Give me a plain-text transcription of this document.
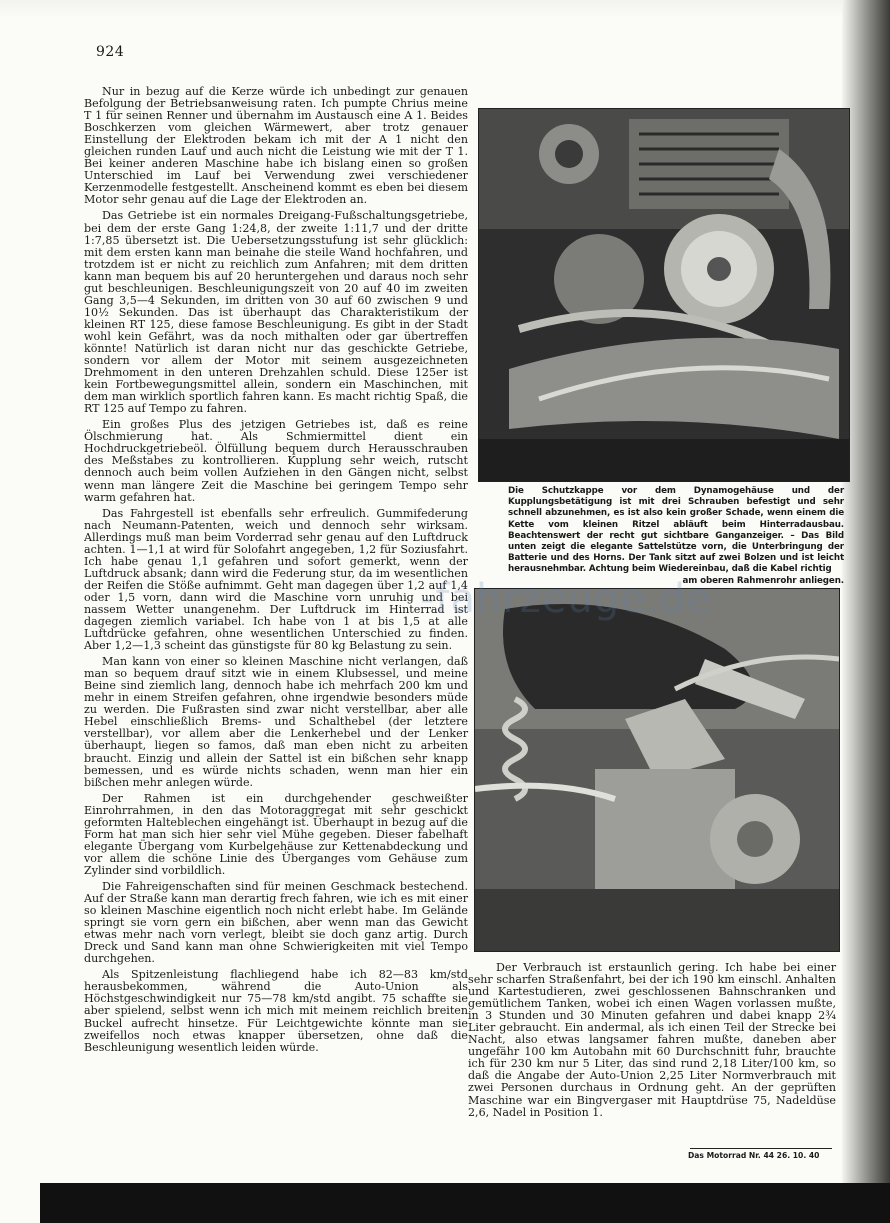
924

Nur in bezug auf die Kerze würde ich unbedingt zur genauen Befolgung der Betriebsanweisung raten. Ich pumpte Chrius meine T 1 für seinen Renner und übernahm im Austausch eine A 1. Beides Boschkerzen vom gleichen Wärmewert, aber trotz genauer Einstellung der Elektroden bekam ich mit der A 1 nicht den gleichen runden Lauf und auch nicht die Leistung wie mit der T 1. Bei keiner anderen Maschine habe ich bislang einen so großen Unterschied im Lauf bei Verwendung zwei verschiedener Kerzenmodelle festgestellt. Anscheinend kommt es eben bei diesem Motor sehr genau auf die Lage der Elektroden an.

Das Getriebe ist ein normales Dreigang-Fußschaltungsgetriebe, bei dem der erste Gang 1:24,8, der zweite 1:11,7 und der dritte 1:7,85 übersetzt ist. Die Uebersetzungsstufung ist sehr glücklich: mit dem ersten kann man beinahe die steile Wand hochfahren, und trotzdem ist er nicht zu reichlich zum Anfahren; mit dem dritten kann man bequem bis auf 20 heruntergehen und daraus noch sehr gut beschleunigen. Beschleunigungszeit von 20 auf 40 im zweiten Gang 3,5—4 Sekunden, im dritten von 30 auf 60 zwischen 9 und 10½ Sekunden. Das ist überhaupt das Charakteristikum der kleinen RT 125, diese famose Beschleunigung. Es gibt in der Stadt wohl kein Gefährt, was da noch mithalten oder gar übertreffen könnte! Natürlich ist daran nicht nur das geschickte Getriebe, sondern vor allem der Motor mit seinem ausgezeichneten Drehmoment in den unteren Drehzahlen schuld. Diese 125er ist kein Fortbewegungsmittel allein, sondern ein Maschinchen, mit dem man wirklich sportlich fahren kann. Es macht richtig Spaß, die RT 125 auf Tempo zu fahren.

Ein großes Plus des jetzigen Getriebes ist, daß es reine Ölschmierung hat. Als Schmiermittel dient ein Hochdruckgetriebeöl. Ölfüllung bequem durch Herausschrauben des Meßstabes zu kontrollieren. Kupplung sehr weich, rutscht dennoch auch beim vollen Aufziehen in den Gängen nicht, selbst wenn man längere Zeit die Maschine bei geringem Tempo sehr warm gefahren hat.

Das Fahrgestell ist ebenfalls sehr erfreulich. Gummifederung nach Neumann-Patenten, weich und dennoch sehr wirksam. Allerdings muß man beim Vorderrad sehr genau auf den Luftdruck achten. 1—1,1 at wird für Solofahrt angegeben, 1,2 für Soziusfahrt. Ich habe genau 1,1 gefahren und sofort gemerkt, wenn der Luftdruck absank; dann wird die Federung stur, da im wesentlichen der Reifen die Stöße aufnimmt. Geht man dagegen über 1,2 auf 1,4 oder 1,5 vorn, dann wird die Maschine vorn unruhig und bei nassem Wetter unangenehm. Der Luftdruck im Hinterrad ist dagegen ziemlich variabel. Ich habe von 1 at bis 1,5 at alle Luftdrücke gefahren, ohne wesentlichen Unterschied zu finden. Aber 1,2—1,3 scheint das günstigste für 80 kg Belastung zu sein.

Man kann von einer so kleinen Maschine nicht verlangen, daß man so bequem drauf sitzt wie in einem Klubsessel, und meine Beine sind ziemlich lang, dennoch habe ich mehrfach 200 km und mehr in einem Streifen gefahren, ohne irgendwie besonders müde zu werden. Die Fußrasten sind zwar nicht verstellbar, aber alle Hebel einschließlich Brems- und Schalthebel (der letztere verstellbar), vor allem aber die Lenkerhebel und der Lenker überhaupt, liegen so famos, daß man eben nicht zu arbeiten braucht. Einzig und allein der Sattel ist ein bißchen sehr knapp bemessen, und es würde nichts schaden, wenn man hier ein bißchen mehr anlegen würde.

Der Rahmen ist ein durchgehender geschweißter Einrohrrahmen, in den das Motoraggregat mit sehr geschickt geformten Halteblechen eingehängt ist. Überhaupt in bezug auf die Form hat man sich hier sehr viel Mühe gegeben. Dieser fabelhaft elegante Übergang vom Kurbelgehäuse zur Kettenabdeckung und vor allem die schöne Linie des Überganges vom Gehäuse zum Zylinder sind vorbildlich.

Die Fahreigenschaften sind für meinen Geschmack bestechend. Auf der Straße kann man derartig frech fahren, wie ich es mit einer so kleinen Maschine eigentlich noch nicht erlebt habe. Im Gelände springt sie vorn gern ein bißchen, aber wenn man das Gewicht etwas mehr nach vorn verlegt, bleibt sie doch ganz artig. Durch Dreck und Sand kann man ohne Schwierigkeiten mit viel Tempo durchgehen.

Als Spitzenleistung flachliegend habe ich 82—83 km/std herausbekommen, während die Auto-Union als Höchstgeschwindigkeit nur 75—78 km/std angibt. 75 schaffte sie aber spielend, selbst wenn ich mich mit meinem reichlich breiten Buckel aufrecht hinsetze. Für Leichtgewichte könnte man sie zweifellos noch etwas knapper übersetzen, ohne daß die Beschleunigung wesentlich leiden würde.

Die Schutzkappe vor dem Dynamogehäuse und der Kupplungsbetätigung ist mit drei Schrauben befestigt und sehr schnell abzunehmen, es ist also kein großer Schade, wenn einem die Kette vom kleinen Ritzel abläuft beim Hinterradausbau. Beachtenswert der recht gut sichtbare Ganganzeiger. – Das Bild unten zeigt die elegante Sattelstütze vorn, die Unterbringung der Batterie und des Horns. Der Tank sitzt auf zwei Bolzen und ist leicht herausnehmbar. Achtung beim Wiedereinbau, daß die Kabel richtig
am oberen Rahmenrohr anliegen.
-fahrzeuge.de

Der Verbrauch ist erstaunlich gering. Ich habe bei einer sehr scharfen Straßenfahrt, bei der ich 190 km einschl. Anhalten und Kartestudieren, zwei geschlossenen Bahnschranken und gemütlichem Tanken, wobei ich einen Wagen vorlassen mußte, in 3 Stunden und 30 Minuten gefahren und dabei knapp 2¾ Liter gebraucht. Ein andermal, als ich einen Teil der Strecke bei Nacht, also etwas langsamer fahren mußte, daneben aber ungefähr 100 km Autobahn mit 60 Durchschnitt fuhr, brauchte ich für 230 km nur 5 Liter, das sind rund 2,18 Liter/100 km, so daß die Angabe der Auto-Union 2,25 Liter Normverbrauch mit zwei Personen durchaus in Ordnung geht. An der geprüften Maschine war ein Bingvergaser mit Hauptdrüse 75, Nadeldüse 2,6, Nadel in Position 1.

Das Motorrad Nr. 44 26. 10. 40
